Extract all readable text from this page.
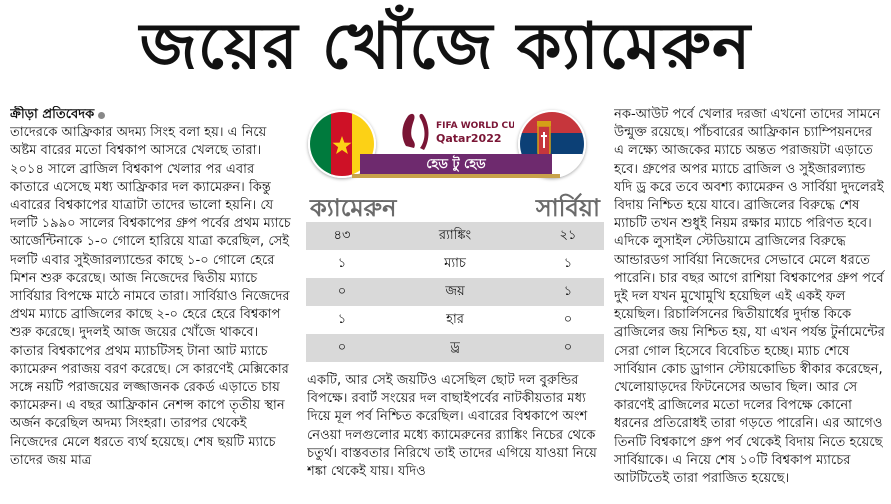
জয়ের খোঁজে ক্যামেরুন
ক্রীড়া প্রতিবেদক

তাদেরকে আফ্রিকার অদম্য সিংহ বলা হয়। এ নিয়ে অষ্টম বারের মতো বিশ্বকাপ আসরে খেলছে তারা। ২০১৪ সালে ব্রাজিল বিশ্বকাপ খেলার পর এবার কাতারে এসেছে মধ্য আফ্রিকার দল ক্যামেরুন। কিন্তু এবারের বিশ্বকাপের যাত্রাটা তাদের ভালো হয়নি। যে দলটি ১৯৯০ সালের বিশ্বকাপের গ্রুপ পর্বের প্রথম ম্যাচে আর্জেন্টিনাকে ১-০ গোলে হারিয়ে যাত্রা করেছিল, সেই দলটি এবার সুইজারল্যান্ডের কাছে ১-০ গোলে হেরে মিশন শুরু করেছে। আজ নিজেদের দ্বিতীয় ম্যাচে সার্বিয়ার বিপক্ষে মাঠে নামবে তারা। সার্বিয়াও নিজেদের প্রথম ম্যাচে ব্রাজিলের কাছে ২-০ হেরে হেরে বিশ্বকাপ শুরু করেছে। দুদলই আজ জয়ের খোঁজে থাকবে। কাতার বিশ্বকাপের প্রথম ম্যাচটিসহ টানা আট ম্যাচে ক্যামেরুন পরাজয় বরণ করেছে। সে কারণেই মেক্সিকোর সঙ্গে নয়টি পরাজয়ের লজ্জাজনক রেকর্ড এড়াতে চায় ক্যামেরুন। এ বছর আফ্রিকান নেশন্স কাপে তৃতীয় স্থান অর্জন করেছিল অদম্য সিংহরা। তারপর থেকেই নিজেদের মেলে ধরতে ব্যর্থ হয়েছে। শেষ ছয়টি ম্যাচে তাদের জয় মাত্র

FIFA WORLD CUP
Qatar2022
হেড টু হেড
ক্যামেরুন	সার্বিয়া
৪৩	র‍্যাঙ্কিং	২১
১	ম্যাচ	১
০	জয়	১
১	হার	০
০	ড্র	০

একটি, আর সেই জয়টিও এসেছিল ছোট দল বুরুন্ডির বিপক্ষে। রবার্ট সংয়ের দল বাছাইপর্বের নাটকীয়তার মধ্য দিয়ে মূল পর্ব নিশ্চিত করেছিল। এবারের বিশ্বকাপে অংশ নেওয়া দলগুলোর মধ্যে ক্যামেরুনের র‍্যাঙ্কিং নিচের থেকে চতুর্থ। বাস্তবতার নিরিখে তাই তাদের এগিয়ে যাওয়া নিয়ে শঙ্কা থেকেই যায়। যদিও

নক-আউট পর্বে খেলার দরজা এখনো তাদের সামনে উন্মুক্ত রয়েছে। পাঁচবারের আফ্রিকান চ্যাম্পিয়নদের এ লক্ষ্যে আজকের ম্যাচে অন্তত পরাজয়টা এড়াতে হবে। গ্রুপের অপর ম্যাচে ব্রাজিল ও সুইজারল্যান্ড যদি ড্র করে তবে অবশ্য ক্যামেরুন ও সার্বিয়া দুদলেরই বিদায় নিশ্চিত হয়ে যাবে। ব্রাজিলের বিরুদ্ধে শেষ ম্যাচটি তখন শুধুই নিয়ম রক্ষার ম্যাচে পরিণত হবে। এদিকে লুসাইল স্টেডিয়ামে ব্রাজিলের বিরুদ্ধে আন্ডারডগ সার্বিয়া নিজেদের সেভাবে মেলে ধরতে পারেনি। চার বছর আগে রাশিয়া বিশ্বকাপের গ্রুপ পর্বে দুই দল যখন মুখোমুখি হয়েছিল এই একই ফল হয়েছিল। রিচার্লিসনের দ্বিতীয়ার্ধের দুর্দান্ত কিকে ব্রাজিলের জয় নিশ্চিত হয়, যা এখন পর্যন্ত টুর্নামেন্টের সেরা গোল হিসেবে বিবেচিত হচ্ছে। ম্যাচ শেষে সার্বিয়ান কোচ ড্রাগান স্টোয়কোভিচ স্বীকার করেছেন, খেলোয়াড়দের ফিটনেসের অভাব ছিল। আর সে কারণেই ব্রাজিলের মতো দলের বিপক্ষে কোনো ধরনের প্রতিরোধই তারা গড়তে পারেনি। এর আগেও তিনটি বিশ্বকাপে গ্রুপ পর্ব থেকেই বিদায় নিতে হয়েছে সার্বিয়াকে। এ নিয়ে শেষ ১০টি বিশ্বকাপ ম্যাচের আটটিতেই তারা পরাজিত হয়েছে।
